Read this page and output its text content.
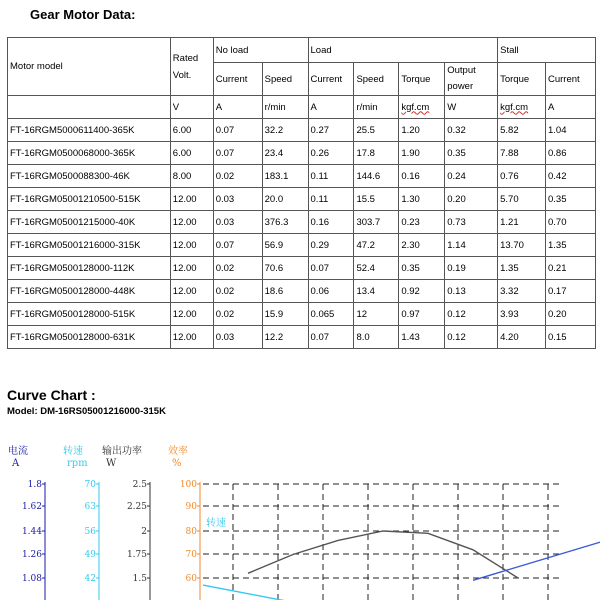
Gear Motor Data:
Motor model	Rated Volt.	No load		Load				Stall	
		Current	Speed	Current	Speed	Torque	Output power	Torque	Current
	V	A	r/min	A	r/min	kgf.cm	W	kgf.cm	A
FT-16RGM5000611400-365K	6.00	0.07	32.2	0.27	25.5	1.20	0.32	5.82	1.04
FT-16RGM0500068000-365K	6.00	0.07	23.4	0.26	17.8	1.90	0.35	7.88	0.86
FT-16RGM0500088300-46K	8.00	0.02	183.1	0.11	144.6	0.16	0.24	0.76	0.42
FT-16RGM05001210500-515K	12.00	0.03	20.0	0.11	15.5	1.30	0.20	5.70	0.35
FT-16RGM05001215000-40K	12.00	0.03	376.3	0.16	303.7	0.23	0.73	1.21	0.70
FT-16RGM05001216000-315K	12.00	0.07	56.9	0.29	47.2	2.30	1.14	13.70	1.35
FT-16RGM0500128000-112K	12.00	0.02	70.6	0.07	52.4	0.35	0.19	1.35	0.21
FT-16RGM0500128000-448K	12.00	0.02	18.6	0.06	13.4	0.92	0.13	3.32	0.17
FT-16RGM0500128000-515K	12.00	0.02	15.9	0.065	12	0.97	0.12	3.93	0.20
FT-16RGM0500128000-631K	12.00	0.03	12.2	0.07	8.0	1.43	0.12	4.20	0.15
Curve Chart :
Model: DM-16RS05001216000-315K
电流
A
1.8
1.62
1.44
1.26
1.08
转速
rpm
70
63
56
49
42
输出功率
W
2.5
2.25
2
1.75
1.5
效率
%
100
90
80
70
60
转速
